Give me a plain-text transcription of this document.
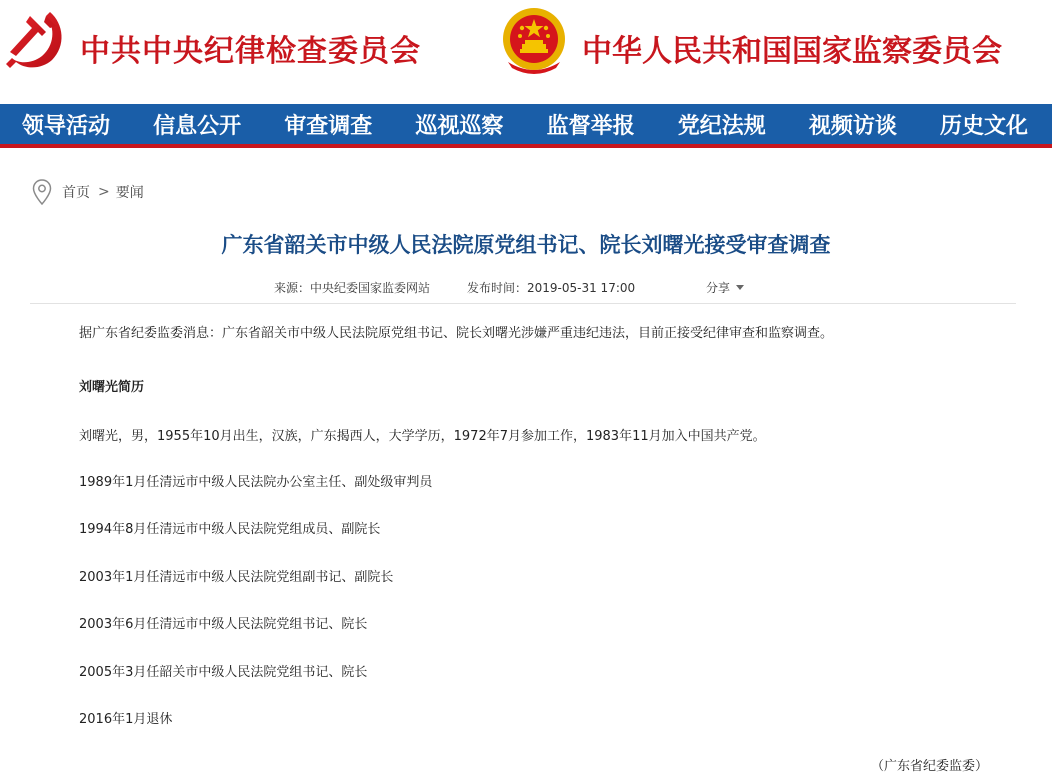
中共中央纪律检查委员会	中华人民共和国国家监察委员会
领导活动 信息公开 审查调查 巡视巡察 监督举报 党纪法规 视频访谈 历史文化
首页 > 要闻
广东省韶关市中级人民法院原党组书记、院长刘曙光接受审查调查
来源：中央纪委国家监委网站	发布时间：2019-05-31 17:00	分享

据广东省纪委监委消息：广东省韶关市中级人民法院原党组书记、院长刘曙光涉嫌严重违纪违法，目前正接受纪律审查和监察调查。

刘曙光简历

刘曙光，男，1955年10月出生，汉族，广东揭西人，大学学历，1972年7月参加工作，1983年11月加入中国共产党。

1989年1月任清远市中级人民法院办公室主任、副处级审判员

1994年8月任清远市中级人民法院党组成员、副院长

2003年1月任清远市中级人民法院党组副书记、副院长

2003年6月任清远市中级人民法院党组书记、院长

2005年3月任韶关市中级人民法院党组书记、院长

2016年1月退休

（广东省纪委监委）
